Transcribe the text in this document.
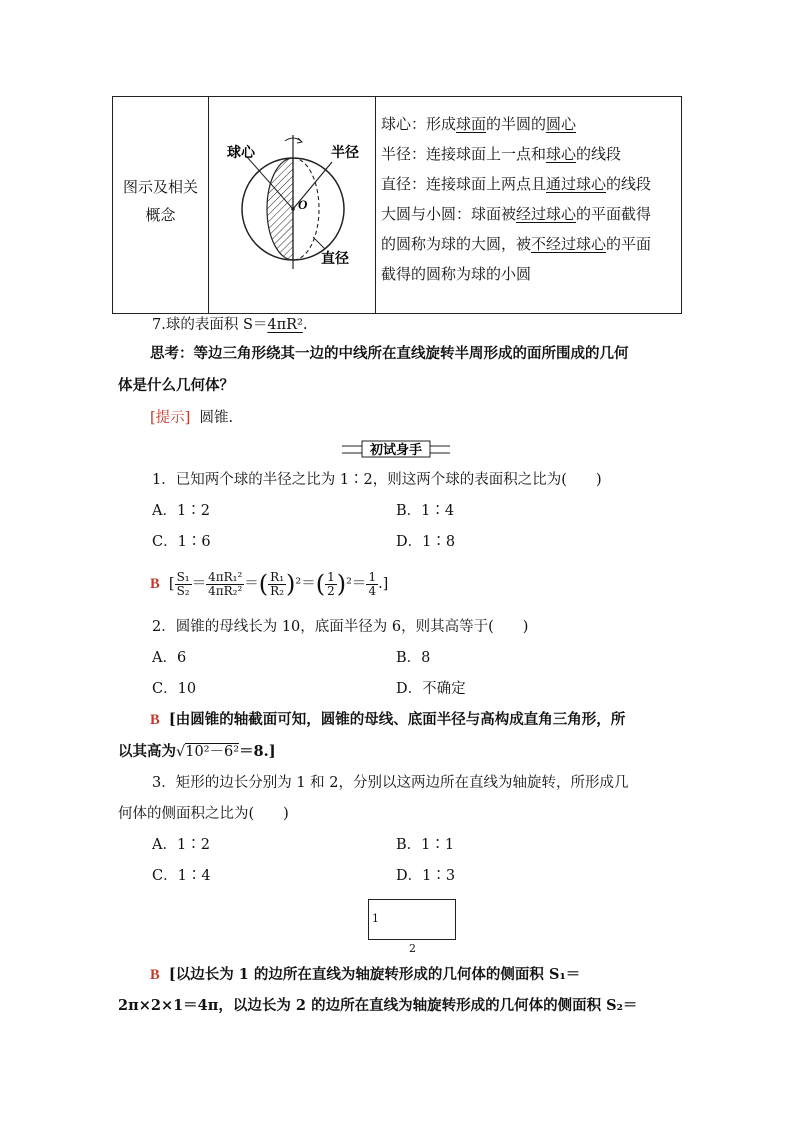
图示及相关
概念
球心	半径
直径
O
球心：形成球面的半圆的圆心
半径：连接球面上一点和球心的线段
直径：连接球面上两点且通过球心的线段
大圆与小圆：球面被经过球心的平面截得
的圆称为球的大圆，被不经过球心的平面
截得的圆称为球的小圆
7.球的表面积 S＝4πR².
思考：等边三角形绕其一边的中线所在直线旋转半周形成的面所围成的几何
体是什么几何体？
[提示] 圆锥.
初试身手
1．已知两个球的半径之比为 1∶2，则这两个球的表面积之比为(　　)
A．1∶2	B．1∶4
C．1∶6	D．1∶8
B [ $\frac{\text{S₁}}{\text{S₂}} = \frac{\text{4πR₁²}}{\text{4πR₂²}}$ ＝( $\frac{\text{R₁}}{\text{R₂}} )^2=( \frac{1}{2} )^2= \frac{1}{4}$ .]
2．圆锥的母线长为 10，底面半径为 6，则其高等于(　　)
A．6	B．8
C．10	D．不确定
B [由圆锥的轴截面可知，圆锥的母线、底面半径与高构成直角三角形，所
以其高为√10²－6²＝8.]
3．矩形的边长分别为 1 和 2，分别以这两边所在直线为轴旋转，所形成几
何体的侧面积之比为(　　)
A．1∶2	B．1∶1
C．1∶4	D．1∶3
1
2
B [以边长为 1 的边所在直线为轴旋转形成的几何体的侧面积 S₁＝
2π×2×1＝4π，以边长为 2 的边所在直线为轴旋转形成的几何体的侧面积 S₂＝
